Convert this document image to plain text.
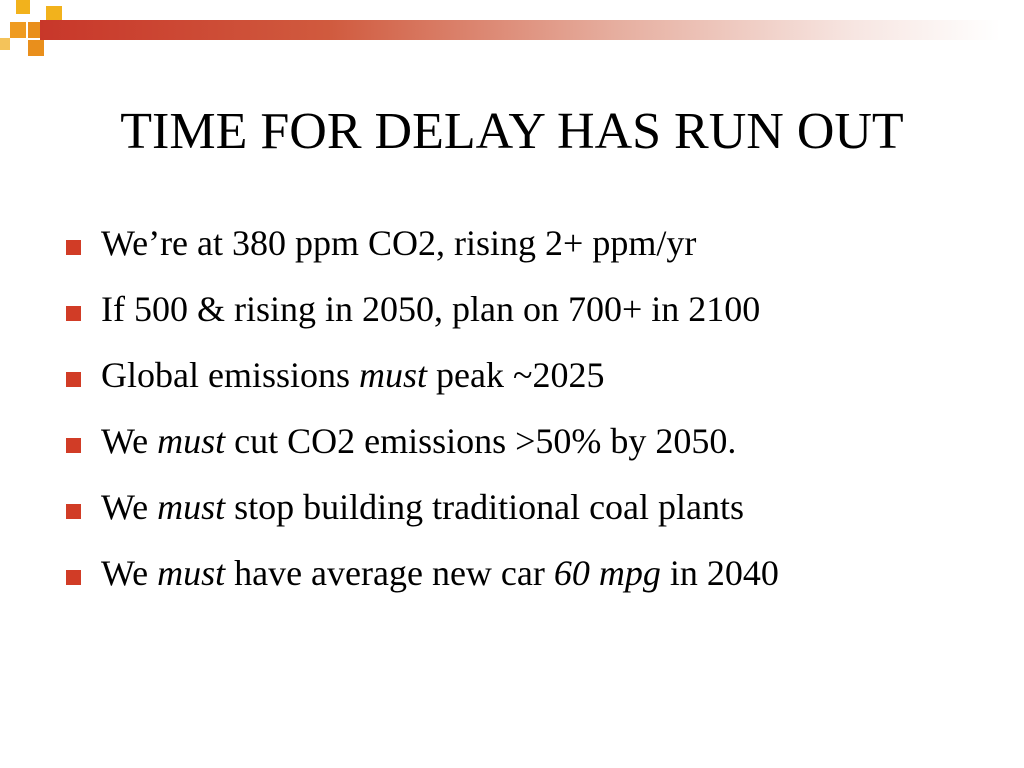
TIME FOR DELAY HAS RUN OUT
We’re at 380 ppm CO2, rising 2+ ppm/yr
If 500 & rising in 2050, plan on 700+ in 2100
Global emissions must peak ~2025
We must cut CO2 emissions >50% by 2050.
We must stop building traditional coal plants
We must have average new car 60 mpg in 2040
